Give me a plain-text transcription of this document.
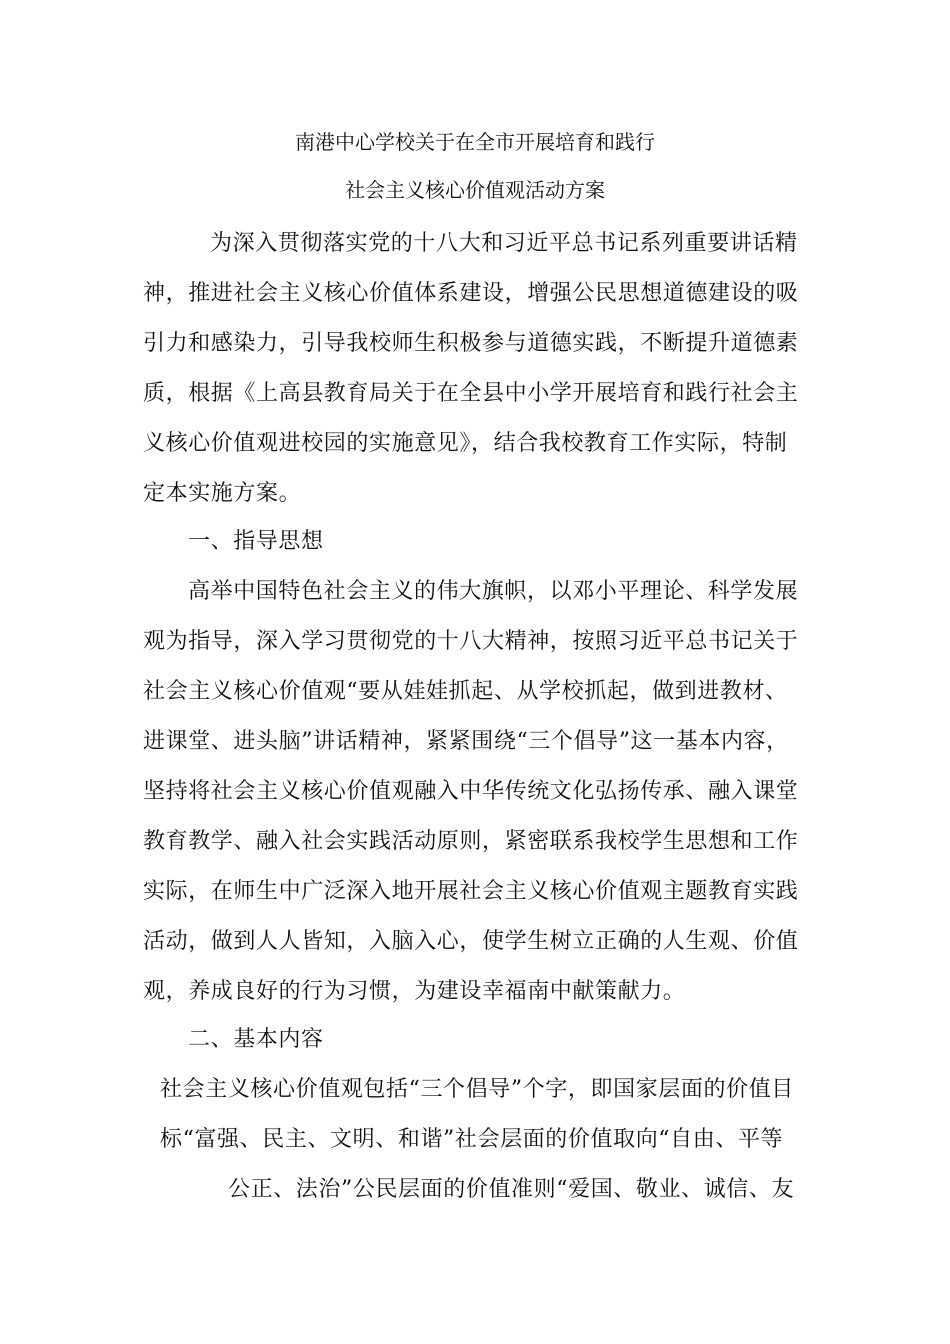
南港中心学校关于在全市开展培育和践行
社会主义核心价值观活动方案
为深入贯彻落实党的十八大和习近平总书记系列重要讲话精
神，推进社会主义核心价值体系建设，增强公民思想道德建设的吸
引力和感染力，引导我校师生积极参与道德实践，不断提升道德素
质，根据《上高县教育局关于在全县中小学开展培育和践行社会主
义核心价值观进校园的实施意见》，结合我校教育工作实际，特制
定本实施方案。
一、指导思想
高举中国特色社会主义的伟大旗帜，以邓小平理论、科学发展
观为指导，深入学习贯彻党的十八大精神，按照习近平总书记关于
社会主义核心价值观“要从娃娃抓起、从学校抓起，做到进教材、
进课堂、进头脑”讲话精神，紧紧围绕“三个倡导”这一基本内容，
坚持将社会主义核心价值观融入中华传统文化弘扬传承、融入课堂
教育教学、融入社会实践活动原则，紧密联系我校学生思想和工作
实际，在师生中广泛深入地开展社会主义核心价值观主题教育实践
活动，做到人人皆知，入脑入心，使学生树立正确的人生观、价值
观，养成良好的行为习惯，为建设幸福南中献策献力。
二、基本内容
社会主义核心价值观包括“三个倡导”个字，即国家层面的价值目
标“富强、民主、文明、和谐”社会层面的价值取向“自由、平等
公正、法治”公民层面的价值准则“爱国、敬业、诚信、友
